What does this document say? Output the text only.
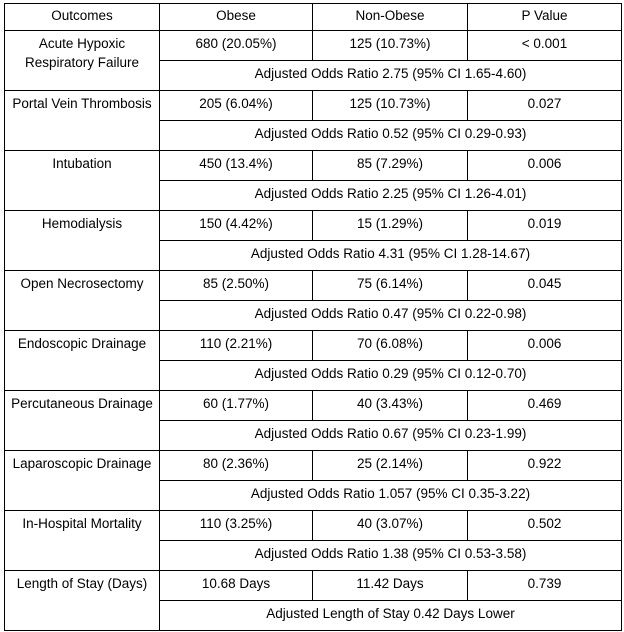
Outcomes	Obese	Non-Obese	P Value
Acute Hypoxic Respiratory Failure	680 (20.05%)	125 (10.73%)	< 0.001
	Adjusted Odds Ratio 2.75 (95% CI 1.65-4.60)		
Portal Vein Thrombosis	205 (6.04%)	125 (10.73%)	0.027
	Adjusted Odds Ratio 0.52 (95% CI 0.29-0.93)		
Intubation	450 (13.4%)	85 (7.29%)	0.006
	Adjusted Odds Ratio 2.25 (95% CI 1.26-4.01)		
Hemodialysis	150 (4.42%)	15 (1.29%)	0.019
	Adjusted Odds Ratio 4.31 (95% CI 1.28-14.67)		
Open Necrosectomy	85 (2.50%)	75 (6.14%)	0.045
	Adjusted Odds Ratio 0.47 (95% CI 0.22-0.98)		
Endoscopic Drainage	110 (2.21%)	70 (6.08%)	0.006
	Adjusted Odds Ratio 0.29 (95% CI 0.12-0.70)		
Percutaneous Drainage	60 (1.77%)	40 (3.43%)	0.469
	Adjusted Odds Ratio 0.67 (95% CI 0.23-1.99)		
Laparoscopic Drainage	80 (2.36%)	25 (2.14%)	0.922
	Adjusted Odds Ratio 1.057 (95% CI 0.35-3.22)		
In-Hospital Mortality	110 (3.25%)	40 (3.07%)	0.502
	Adjusted Odds Ratio 1.38 (95% CI 0.53-3.58)		
Length of Stay (Days)	10.68 Days	11.42 Days	0.739
	Adjusted Length of Stay 0.42 Days Lower		
